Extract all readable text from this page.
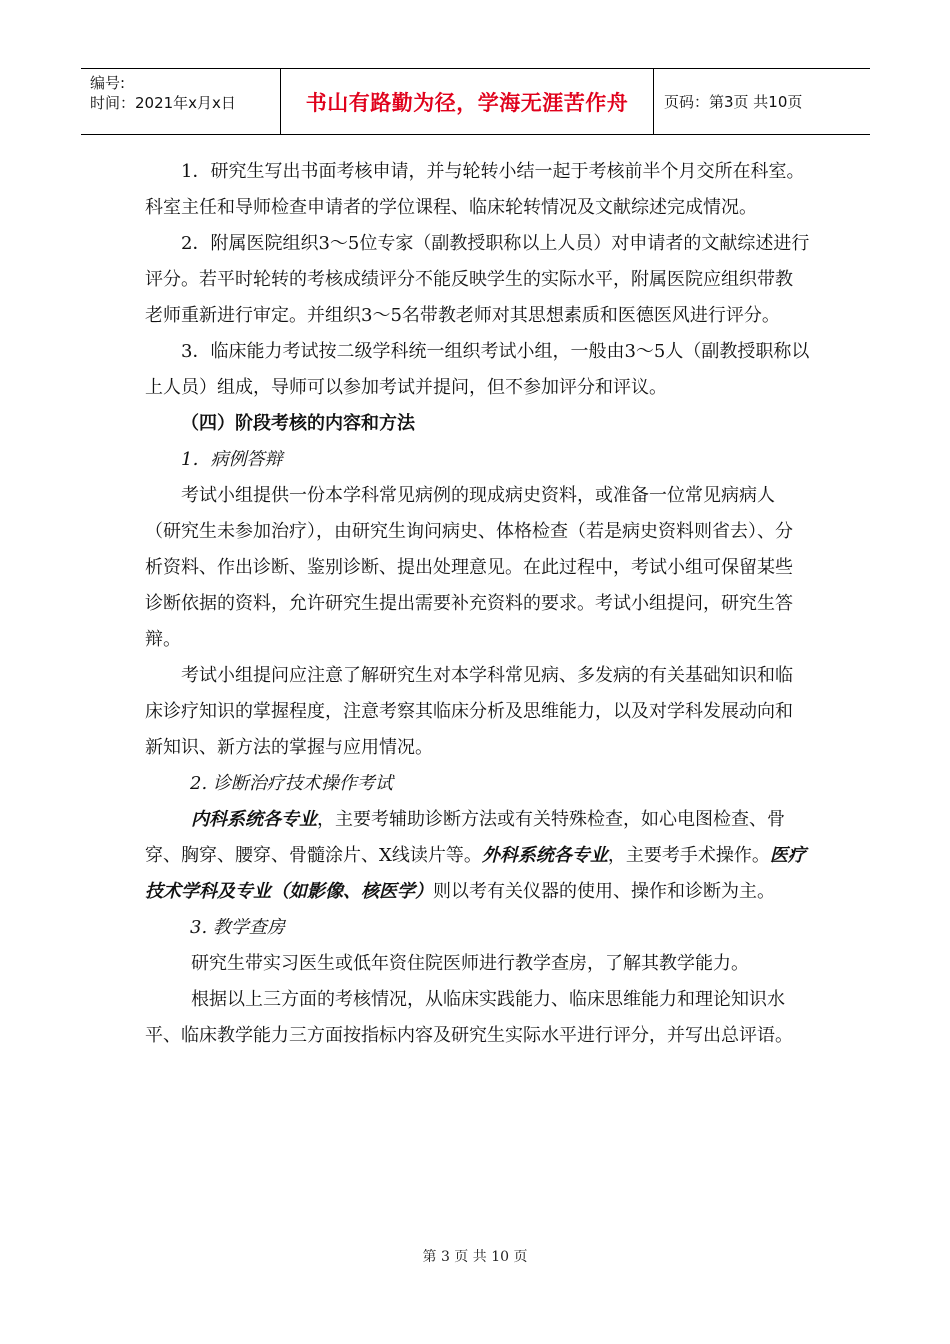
编号:
时间：2021年x月x日	书山有路勤为径，学海无涯苦作舟	页码：第3页 共10页

1．研究生写出书面考核申请，并与轮转小结一起于考核前半个月交所在科室。科室主任和导师检查申请者的学位课程、临床轮转情况及文献综述完成情况。

2．附属医院组织3～5位专家（副教授职称以上人员）对申请者的文献综述进行评分。若平时轮转的考核成绩评分不能反映学生的实际水平，附属医院应组织带教老师重新进行审定。并组织3～5名带教老师对其思想素质和医德医风进行评分。

3．临床能力考试按二级学科统一组织考试小组，一般由3～5人（副教授职称以上人员）组成，导师可以参加考试并提问，但不参加评分和评议。

（四）阶段考核的内容和方法

1．病例答辩

考试小组提供一份本学科常见病例的现成病史资料，或准备一位常见病病人（研究生未参加治疗），由研究生询问病史、体格检查（若是病史资料则省去）、分析资料、作出诊断、鉴别诊断、提出处理意见。在此过程中，考试小组可保留某些诊断依据的资料，允许研究生提出需要补充资料的要求。考试小组提问，研究生答辩。

考试小组提问应注意了解研究生对本学科常见病、多发病的有关基础知识和临床诊疗知识的掌握程度，注意考察其临床分析及思维能力，以及对学科发展动向和新知识、新方法的掌握与应用情况。

2. 诊断治疗技术操作考试

内科系统各专业，主要考辅助诊断方法或有关特殊检查，如心电图检查、骨穿、胸穿、腰穿、骨髓涂片、X线读片等。外科系统各专业，主要考手术操作。医疗技术学科及专业（如影像、核医学）则以考有关仪器的使用、操作和诊断为主。

3. 教学查房

研究生带实习医生或低年资住院医师进行教学查房，了解其教学能力。

根据以上三方面的考核情况，从临床实践能力、临床思维能力和理论知识水平、临床教学能力三方面按指标内容及研究生实际水平进行评分，并写出总评语。

第 3 页 共 10 页
